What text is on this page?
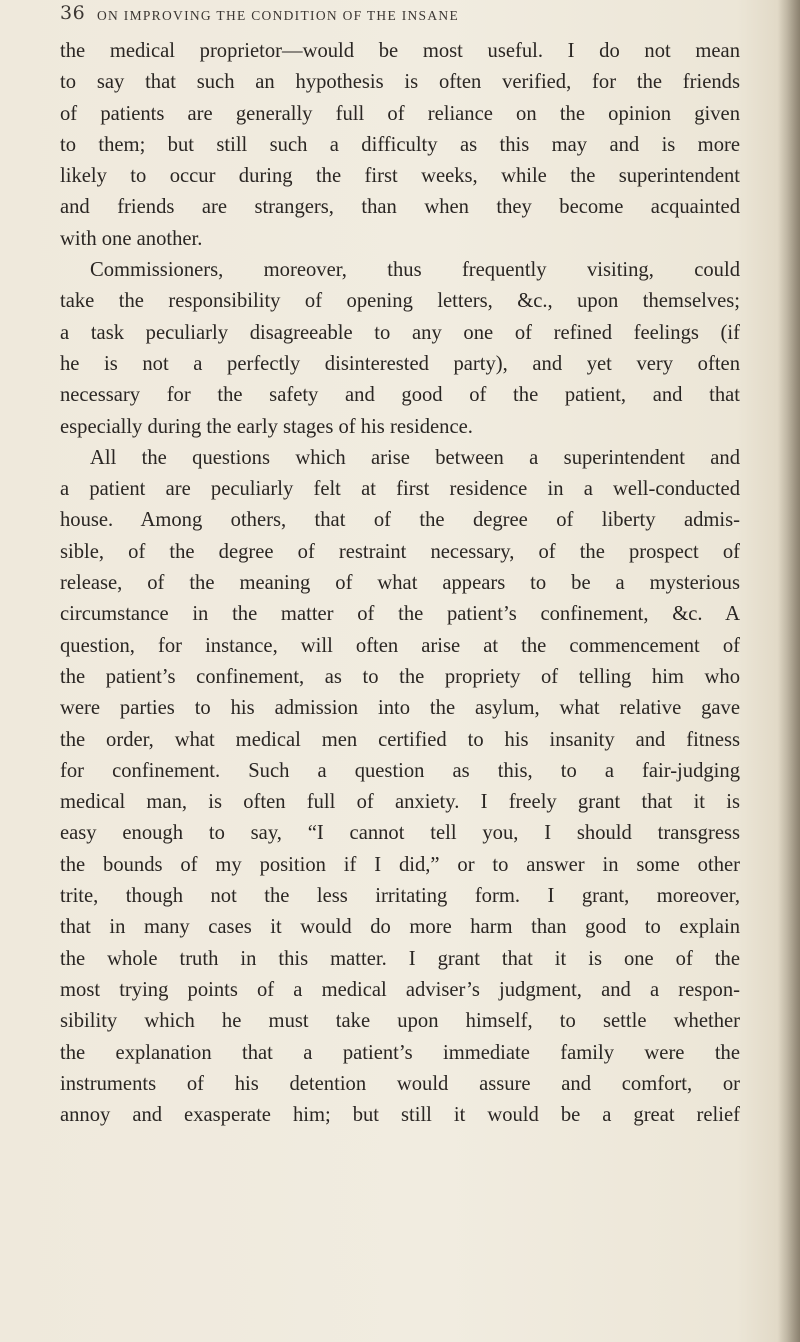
36 ON IMPROVING THE CONDITION OF THE INSANE
the medical proprietor—would be most useful. I do not mean
to say that such an hypothesis is often verified, for the friends
of patients are generally full of reliance on the opinion given
to them; but still such a difficulty as this may and is more
likely to occur during the first weeks, while the superintendent
and friends are strangers, than when they become acquainted
with one another.
Commissioners, moreover, thus frequently visiting, could
take the responsibility of opening letters, &c., upon themselves;
a task peculiarly disagreeable to any one of refined feelings (if
he is not a perfectly disinterested party), and yet very often
necessary for the safety and good of the patient, and that
especially during the early stages of his residence.
All the questions which arise between a superintendent and
a patient are peculiarly felt at first residence in a well-conducted
house. Among others, that of the degree of liberty admis-
sible, of the degree of restraint necessary, of the prospect of
release, of the meaning of what appears to be a mysterious
circumstance in the matter of the patient’s confinement, &c. A
question, for instance, will often arise at the commencement of
the patient’s confinement, as to the propriety of telling him who
were parties to his admission into the asylum, what relative gave
the order, what medical men certified to his insanity and fitness
for confinement. Such a question as this, to a fair-judging
medical man, is often full of anxiety. I freely grant that it is
easy enough to say, “I cannot tell you, I should transgress
the bounds of my position if I did,” or to answer in some other
trite, though not the less irritating form. I grant, moreover,
that in many cases it would do more harm than good to explain
the whole truth in this matter. I grant that it is one of the
most trying points of a medical adviser’s judgment, and a respon-
sibility which he must take upon himself, to settle whether
the explanation that a patient’s immediate family were the
instruments of his detention would assure and comfort, or
annoy and exasperate him; but still it would be a great relief
